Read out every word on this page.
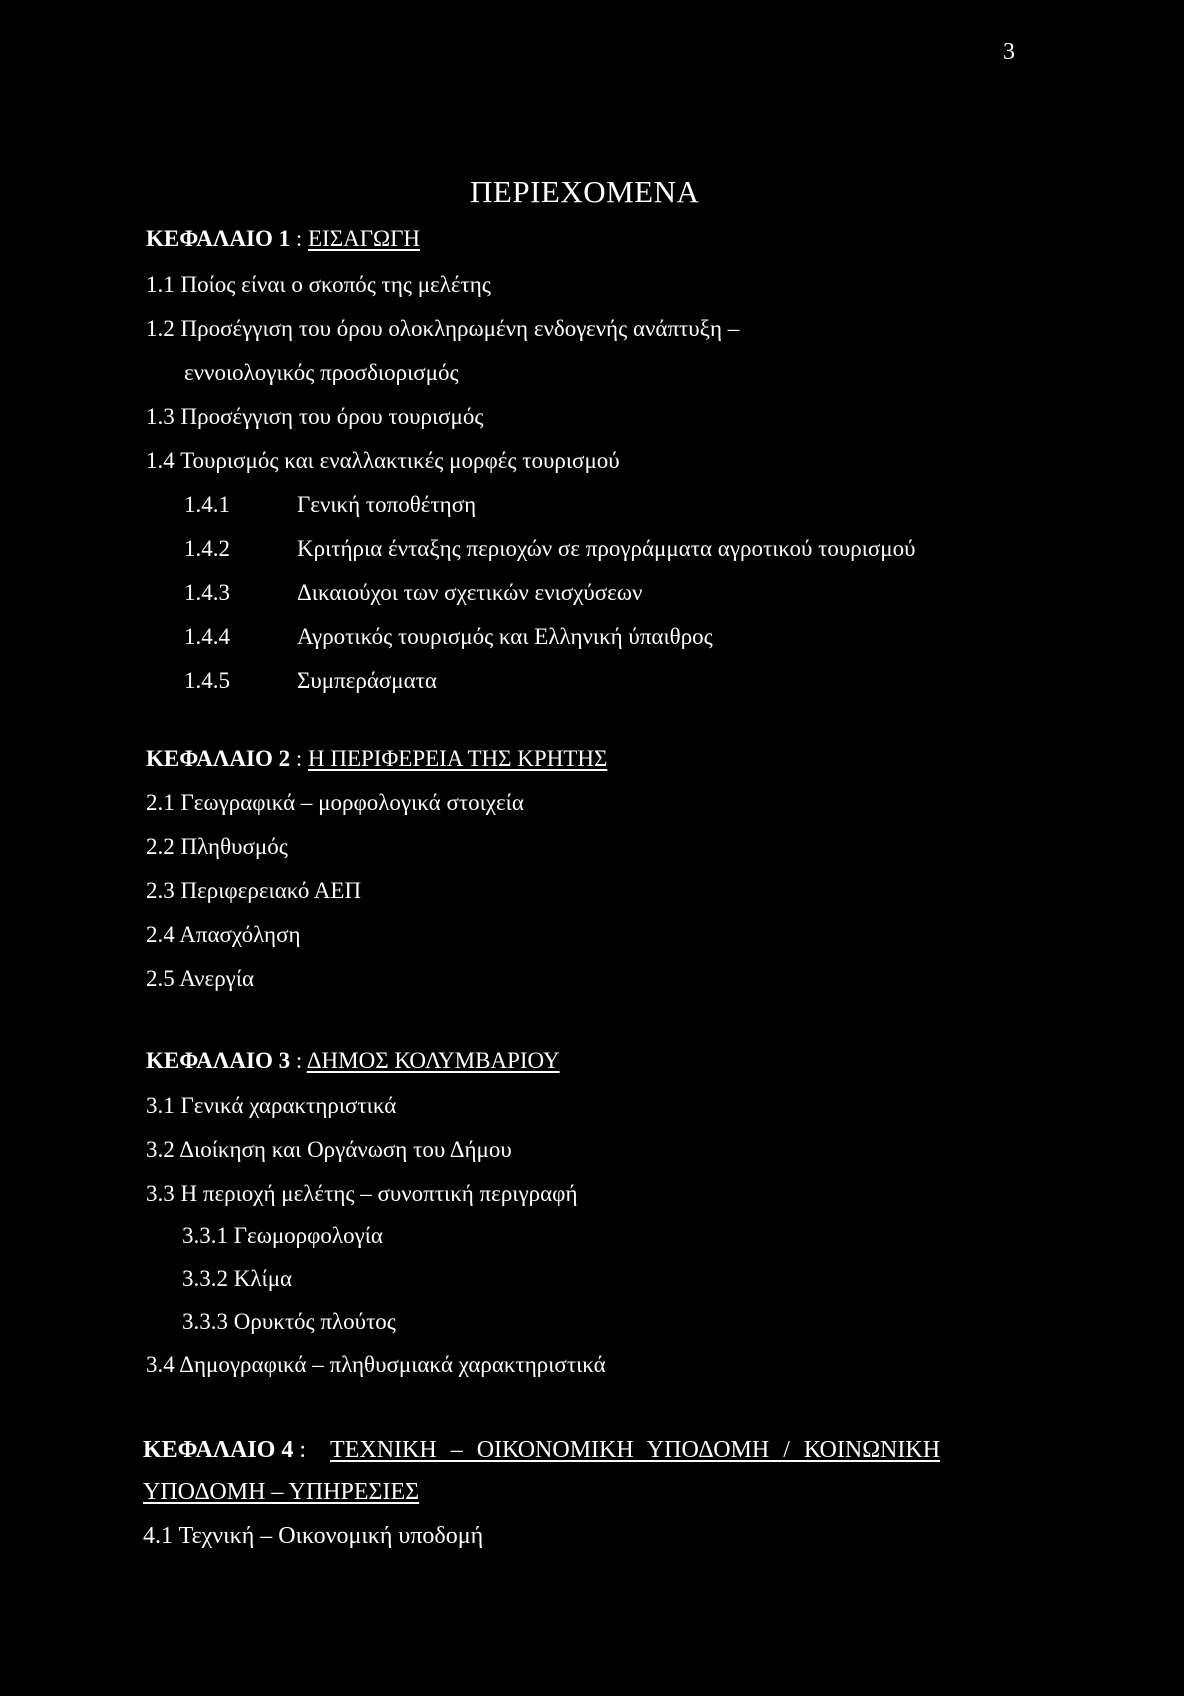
3
ΠΕΡΙΕΧΟΜΕΝΑ
ΚΕΦΑΛΑΙΟ 1 : ΕΙΣΑΓΩΓΗ
1.1 Ποίος είναι ο σκοπός της μελέτης
1.2 Προσέγγιση του όρου ολοκληρωμένη ενδογενής ανάπτυξη –
εννοιολογικός προσδιορισμός
1.3 Προσέγγιση του όρου τουρισμός
1.4 Τουρισμός και εναλλακτικές μορφές τουρισμού
1.4.1	Γενική τοποθέτηση
1.4.2	Κριτήρια ένταξης περιοχών σε προγράμματα αγροτικού τουρισμού
1.4.3	Δικαιούχοι των σχετικών ενισχύσεων
1.4.4	Αγροτικός τουρισμός και Ελληνική ύπαιθρος
1.4.5	Συμπεράσματα
ΚΕΦΑΛΑΙΟ 2 : Η ΠΕΡΙΦΕΡΕΙΑ ΤΗΣ ΚΡΗΤΗΣ
2.1 Γεωγραφικά – μορφολογικά στοιχεία
2.2 Πληθυσμός
2.3 Περιφερειακό ΑΕΠ
2.4 Απασχόληση
2.5 Ανεργία
ΚΕΦΑΛΑΙΟ 3 : ΔΗΜΟΣ ΚΟΛΥΜΒΑΡΙΟΥ
3.1 Γενικά χαρακτηριστικά
3.2 Διοίκηση και Οργάνωση του Δήμου
3.3 Η περιοχή μελέτης – συνοπτική περιγραφή
3.3.1 Γεωμορφολογία
3.3.2 Κλίμα
3.3.3 Ορυκτός πλούτος
3.4 Δημογραφικά – πληθυσμιακά χαρακτηριστικά
ΚΕΦΑΛΑΙΟ 4 : ΤΕΧΝΙΚΗ – ΟΙΚΟΝΟΜΙΚΗ ΥΠΟΔΟΜΗ / ΚΟΙΝΩΝΙΚΗ
ΥΠΟΔΟΜΗ – ΥΠΗΡΕΣΙΕΣ
4.1 Τεχνική – Οικονομική υποδομή
